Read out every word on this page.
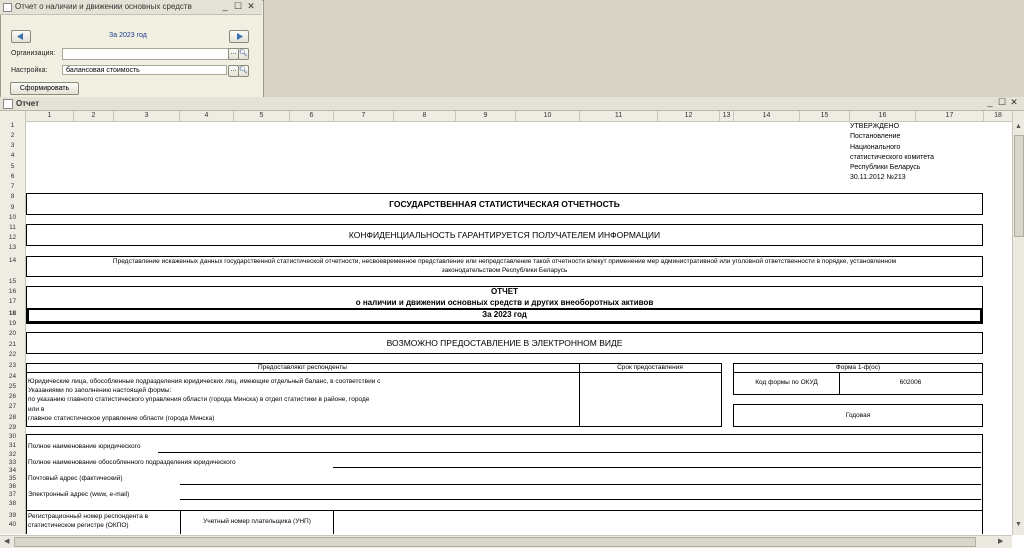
Отчет о наличии и движении основных средств	_ ☐ ✕
За 2023 год
Организация:	... 🔍︎
Настройка:	балансовая стоимость	... 🔍︎
Сформировать
Отчет	_ ☐ ✕
1	2	3	4	5	6	7	8	9	10	11	12	13	14	15	16	17	18
1
2
3
4
5
6
7
8
9
10
11
12
13
14
15
16
17
18
19
20
21
22
23
24
25
26
27
28
29
30
31
32
33
34
35
36
37
38
39
40
УТВЕРЖДЕНО
Постановление
Национального
статистического комитета
Республики Беларусь
30.11.2012 №213
ГОСУДАРСТВЕННАЯ СТАТИСТИЧЕСКАЯ ОТЧЕТНОСТЬ
КОНФИДЕНЦИАЛЬНОСТЬ ГАРАНТИРУЕТСЯ ПОЛУЧАТЕЛЕМ ИНФОРМАЦИИ
Представление искаженных данных государственной статистической отчетности, несвоевременное представление или непредставление такой отчетности влекут применение мер административной или уголовной ответственности в порядке, установленном
законодательством Республики Беларусь
ОТЧЕТ
о наличии и движении основных средств и других внеоборотных активов
За 2023 год
ВОЗМОЖНО ПРЕДОСТАВЛЕНИЕ В ЭЛЕКТРОННОМ ВИДЕ
Предоставляют респонденты	Срок предоставления
Юридические лица, обособленные подразделения юридических лиц, имеющие отдельный баланс, в соответствии с
Указаниями по заполнению настоящей формы:
по указанию главного статистического управления области (города Минска) в отдел статистики в районе, городе
или в
главное статистическое управление области (города Минска)
Форма 1-ф(ос)
Код формы по ОКУД	602006
Годовая
Полное наименование юридического
Полное наименование обособленного подразделения юридического
Почтовый адрес (фактический)
Электронный адрес (www, e-mail)
Регистрационный номер респондента в
статистическом регистре (ОКПО)
Учетный номер плательщика (УНП)
▲
▼
◀	▶
